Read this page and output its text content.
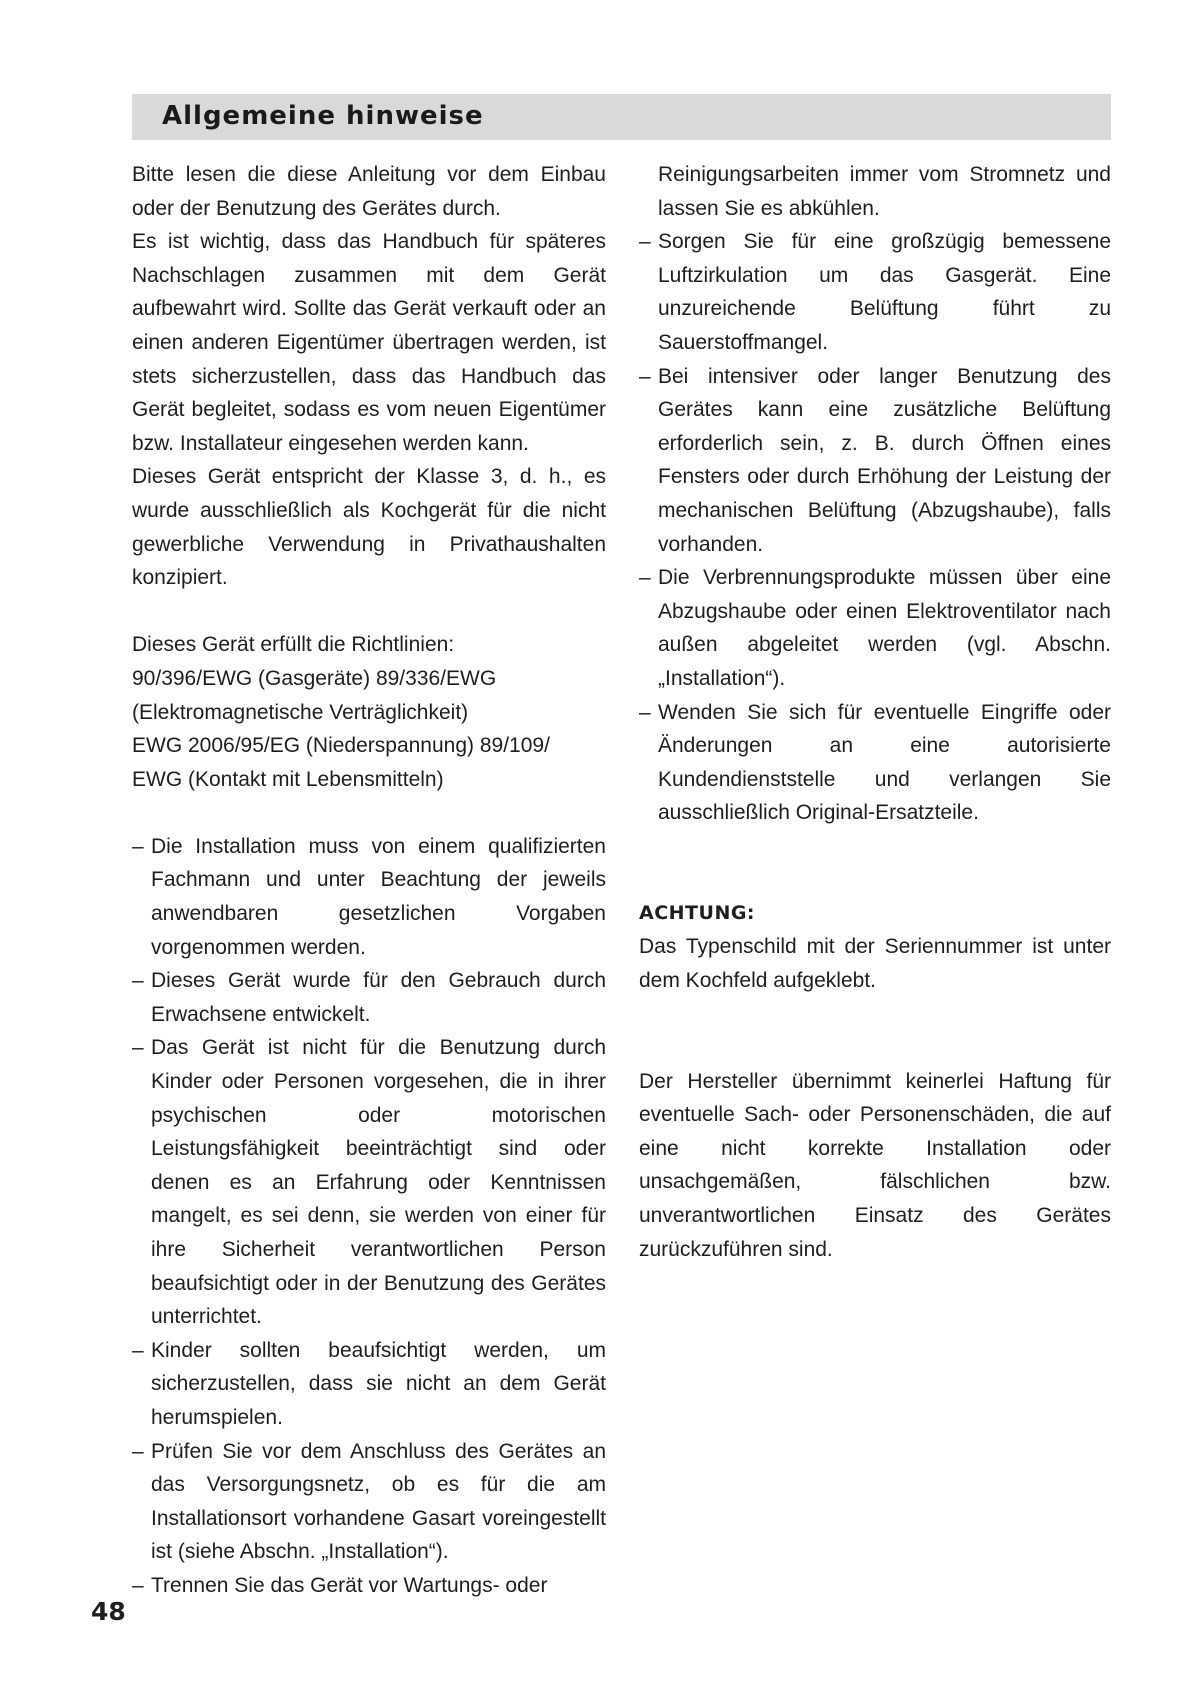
Allgemeine hinweise

Bitte lesen die diese Anleitung vor dem Einbau oder der Benutzung des Gerätes durch.

Es ist wichtig, dass das Handbuch für späteres Nachschlagen zusammen mit dem Gerät aufbewahrt wird. Sollte das Gerät verkauft oder an einen anderen Eigentümer übertragen werden, ist stets sicherzustellen, dass das Handbuch das Gerät begleitet, sodass es vom neuen Eigentümer bzw. Installateur eingesehen werden kann.

Dieses Gerät entspricht der Klasse 3, d. h., es wurde ausschließlich als Kochgerät für die nicht gewerbliche Verwendung in Privathaushalten konzipiert.

Dieses Gerät erfüllt die Richtlinien:

90/396/EWG (Gasgeräte) 89/336/EWG

(Elektromagnetische Verträglichkeit)

EWG 2006/95/EG (Niederspannung) 89/109/

EWG (Kontakt mit Lebensmitteln)

– Die Installation muss von einem qualifizierten Fachmann und unter Beachtung der jeweils anwendbaren gesetzlichen Vorgaben vorgenommen werden.
– Dieses Gerät wurde für den Gebrauch durch Erwachsene entwickelt.
– Das Gerät ist nicht für die Benutzung durch Kinder oder Personen vorgesehen, die in ihrer psychischen oder motorischen Leistungsfähigkeit beeinträchtigt sind oder denen es an Erfahrung oder Kenntnissen mangelt, es sei denn, sie werden von einer für ihre Sicherheit verantwortlichen Person beaufsichtigt oder in der Benutzung des Gerätes unterrichtet.
– Kinder sollten beaufsichtigt werden, um sicherzustellen, dass sie nicht an dem Gerät herumspielen.
– Prüfen Sie vor dem Anschluss des Gerätes an das Versorgungsnetz, ob es für die am Installationsort vorhandene Gasart voreingestellt ist (siehe Abschn. „Installation“).
– Trennen Sie das Gerät vor Wartungs- oder

Reinigungsarbeiten immer vom Stromnetz und lassen Sie es abkühlen.

– Sorgen Sie für eine großzügig bemessene Luftzirkulation um das Gasgerät. Eine unzureichende Belüftung führt zu Sauerstoffmangel.
– Bei intensiver oder langer Benutzung des Gerätes kann eine zusätzliche Belüftung erforderlich sein, z. B. durch Öffnen eines Fensters oder durch Erhöhung der Leistung der mechanischen Belüftung (Abzugshaube), falls vorhanden.
– Die Verbrennungsprodukte müssen über eine Abzugshaube oder einen Elektroventilator nach außen abgeleitet werden (vgl. Abschn. „Installation“).
– Wenden Sie sich für eventuelle Eingriffe oder Änderungen an eine autorisierte Kundendienststelle und verlangen Sie ausschließlich Original-Ersatzteile.

ACHTUNG:

Das Typenschild mit der Seriennummer ist unter dem Kochfeld aufgeklebt.

Der Hersteller übernimmt keinerlei Haftung für eventuelle Sach- oder Personenschäden, die auf eine nicht korrekte Installation oder unsachgemäßen, fälschlichen bzw. unverantwortlichen Einsatz des Gerätes zurückzuführen sind.

48
